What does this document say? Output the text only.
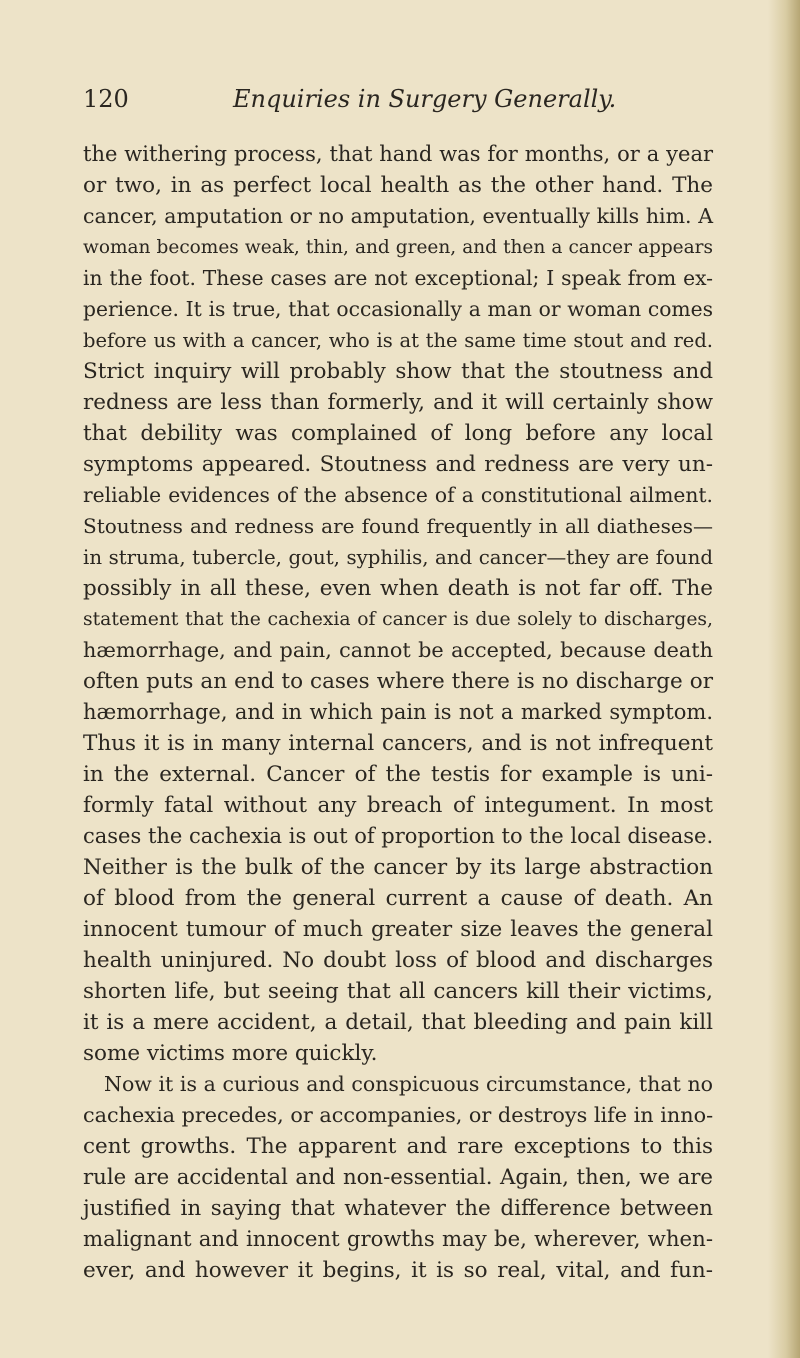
120	Enquiries in Surgery Generally.

the withering process, that hand was for months, or a year
or two, in as perfect local health as the other hand. The
cancer, amputation or no amputation, eventually kills him. A
woman becomes weak, thin, and green, and then a cancer appears
in the foot. These cases are not exceptional; I speak from ex-
perience. It is true, that occasionally a man or woman comes
before us with a cancer, who is at the same time stout and red.
Strict inquiry will probably show that the stoutness and
redness are less than formerly, and it will certainly show
that debility was complained of long before any local
symptoms appeared. Stoutness and redness are very un-
reliable evidences of the absence of a constitutional ailment.
Stoutness and redness are found frequently in all diatheses—
in struma, tubercle, gout, syphilis, and cancer—they are found
possibly in all these, even when death is not far off. The
statement that the cachexia of cancer is due solely to discharges,
hæmorrhage, and pain, cannot be accepted, because death
often puts an end to cases where there is no discharge or
hæmorrhage, and in which pain is not a marked symptom.
Thus it is in many internal cancers, and is not infrequent
in the external. Cancer of the testis for example is uni-
formly fatal without any breach of integument. In most
cases the cachexia is out of proportion to the local disease.
Neither is the bulk of the cancer by its large abstraction
of blood from the general current a cause of death. An
innocent tumour of much greater size leaves the general
health uninjured. No doubt loss of blood and discharges
shorten life, but seeing that all cancers kill their victims,
it is a mere accident, a detail, that bleeding and pain kill
some victims more quickly.
Now it is a curious and conspicuous circumstance, that no
cachexia precedes, or accompanies, or destroys life in inno-
cent growths. The apparent and rare exceptions to this
rule are accidental and non-essential. Again, then, we are
justified in saying that whatever the difference between
malignant and innocent growths may be, wherever, when-
ever, and however it begins, it is so real, vital, and fun-
